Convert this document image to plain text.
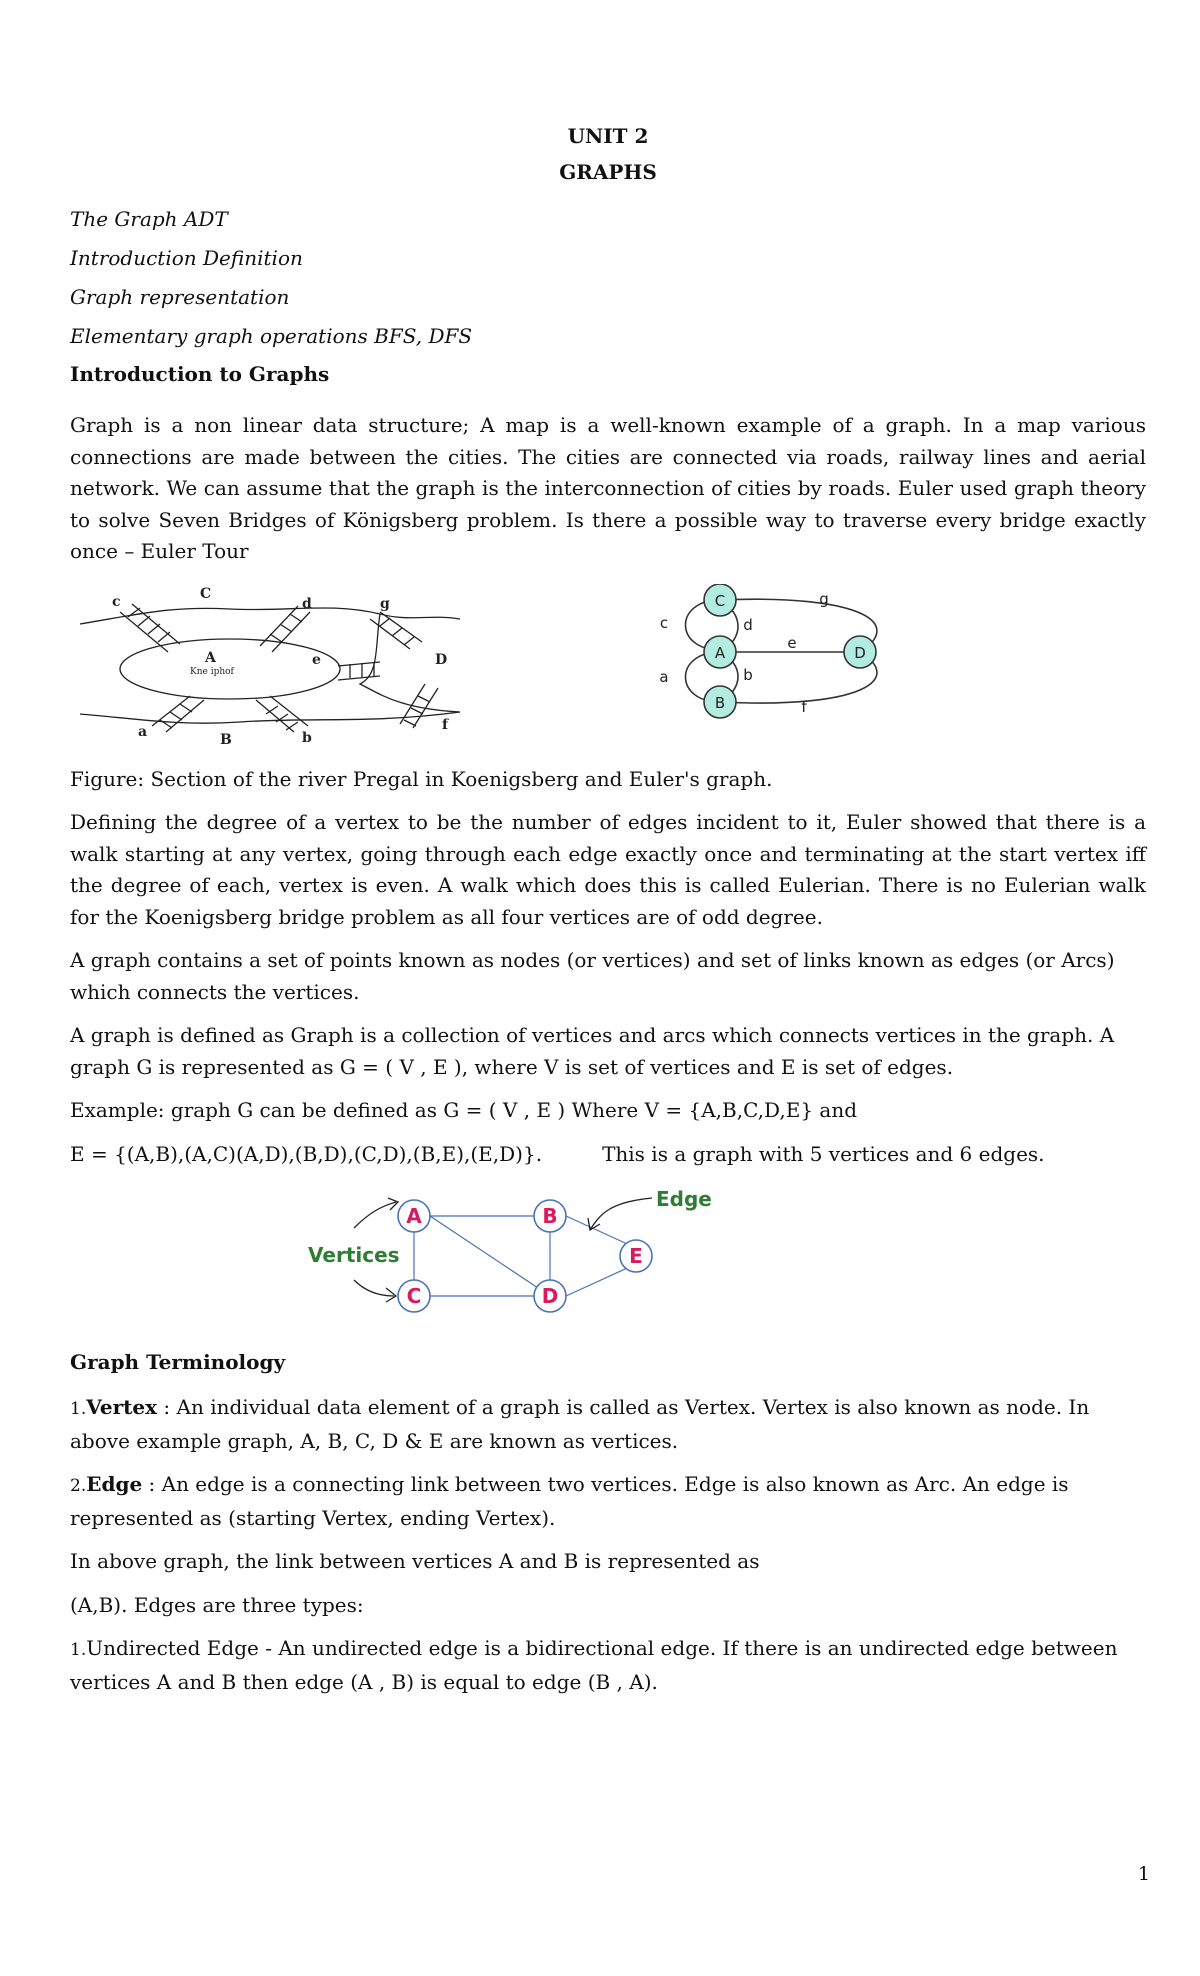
UNIT 2
GRAPHS
The Graph ADT
Introduction Definition
Graph representation
Elementary graph operations BFS, DFS
Introduction to Graphs

Graph is a non linear data structure; A map is a well-known example of a graph. In a map various connections are made between the cities. The cities are connected via roads, railway lines and aerial network. We can assume that the graph is the interconnection of cities by roads. Euler used graph theory to solve Seven Bridges of Königsberg problem. Is there a possible way to traverse every bridge exactly once – Euler Tour

c	C
d	g
e	D
a	B	b
f
A
Kne iphof
C
A
B
D
g
c	d
e
a	b
f

Figure: Section of the river Pregal in Koenigsberg and Euler's graph.

Defining the degree of a vertex to be the number of edges incident to it, Euler showed that there is a walk starting at any vertex, going through each edge exactly once and terminating at the start vertex iff the degree of each, vertex is even. A walk which does this is called Eulerian. There is no Eulerian walk for the Koenigsberg bridge problem as all four vertices are of odd degree.

A graph contains a set of points known as nodes (or vertices) and set of links known as edges (or Arcs) which connects the vertices.

A graph is defined as Graph is a collection of vertices and arcs which connects vertices in the graph. A graph G is represented as G = ( V , E ), where V is set of vertices and E is set of edges.

Example: graph G can be defined as G = ( V , E ) Where V = {A,B,C,D,E} and

E = {(A,B),(A,C)(A,D),(B,D),(C,D),(B,E),(E,D)}.	This is a graph with 5 vertices and 6 edges.

A	B
C	D
E
Vertices
Edge
Graph Terminology

1.Vertex : An individual data element of a graph is called as Vertex. Vertex is also known as node. In above example graph, A, B, C, D & E are known as vertices.

2.Edge : An edge is a connecting link between two vertices. Edge is also known as Arc. An edge is represented as (starting Vertex, ending Vertex).

In above graph, the link between vertices A and B is represented as

(A,B). Edges are three types:

1.Undirected Edge - An undirected edge is a bidirectional edge. If there is an undirected edge between vertices A and B then edge (A , B) is equal to edge (B , A).

1
